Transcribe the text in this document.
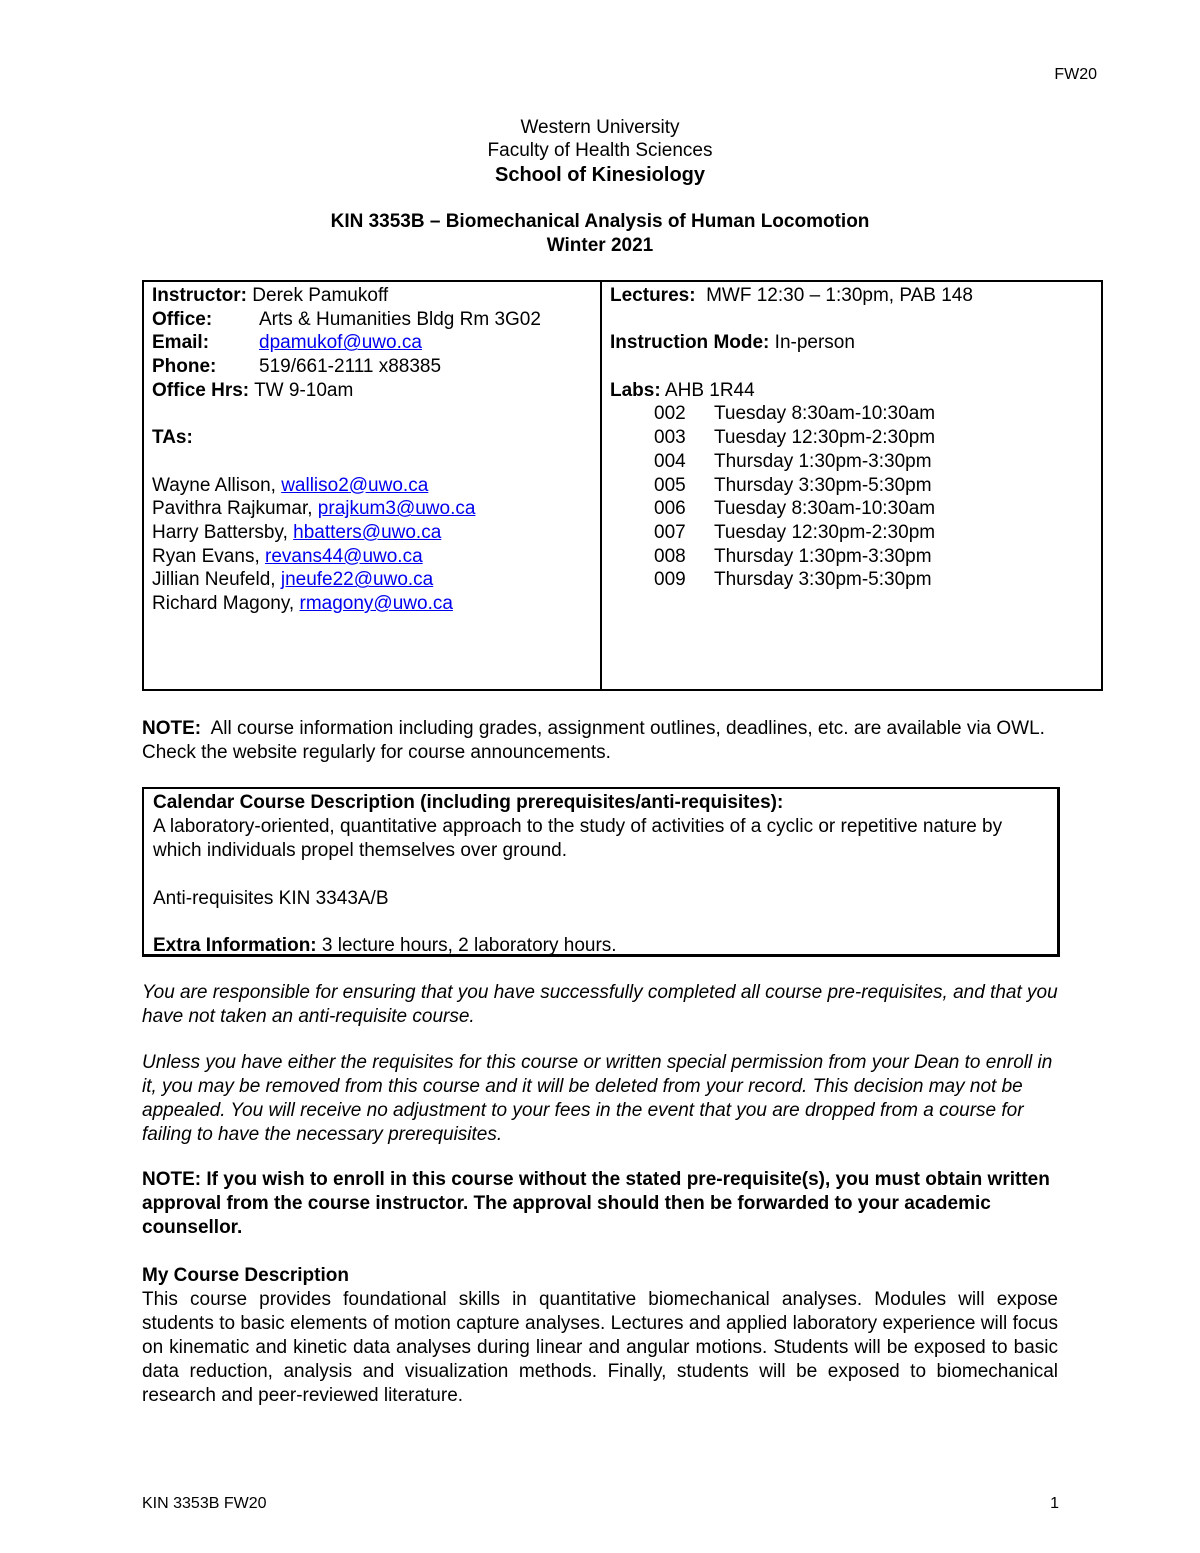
FW20
Western University
Faculty of Health Sciences
School of Kinesiology
KIN 3353B – Biomechanical Analysis of Human Locomotion
Winter 2021
Instructor: Derek Pamukoff
Office: Arts & Humanities Bldg Rm 3G02
Email:	dpamukof@uwo.ca
Phone: 519/661-2111 x88385
Office Hrs: TW 9-10am
TAs:
Wayne Allison, walliso2@uwo.ca
Pavithra Rajkumar, prajkum3@uwo.ca
Harry Battersby, hbatters@uwo.ca
Ryan Evans, revans44@uwo.ca
Jillian Neufeld, jneufe22@uwo.ca
Richard Magony, rmagony@uwo.ca
Lectures: MWF 12:30 – 1:30pm, PAB 148
Instruction Mode: In-person
Labs: AHB 1R44
002	Tuesday 8:30am-10:30am
003	Tuesday 12:30pm-2:30pm
004	Thursday 1:30pm-3:30pm
005	Thursday 3:30pm-5:30pm
006	Tuesday 8:30am-10:30am
007	Tuesday 12:30pm-2:30pm
008	Thursday 1:30pm-3:30pm
009	Thursday 3:30pm-5:30pm
NOTE: All course information including grades, assignment outlines, deadlines, etc. are available via OWL. Check the website regularly for course announcements.
Calendar Course Description (including prerequisites/anti-requisites):
A laboratory-oriented, quantitative approach to the study of activities of a cyclic or repetitive nature by which individuals propel themselves over ground.
Anti-requisites KIN 3343A/B
Extra Information: 3 lecture hours, 2 laboratory hours.
You are responsible for ensuring that you have successfully completed all course pre-requisites, and that you have not taken an anti-requisite course.
Unless you have either the requisites for this course or written special permission from your Dean to enroll in it, you may be removed from this course and it will be deleted from your record. This decision may not be appealed. You will receive no adjustment to your fees in the event that you are dropped from a course for failing to have the necessary prerequisites.
NOTE: If you wish to enroll in this course without the stated pre-requisite(s), you must obtain written approval from the course instructor. The approval should then be forwarded to your academic counsellor.
My Course Description
This course provides foundational skills in quantitative biomechanical analyses. Modules will expose students to basic elements of motion capture analyses. Lectures and applied laboratory experience will focus on kinematic and kinetic data analyses during linear and angular motions. Students will be exposed to basic data reduction, analysis and visualization methods. Finally, students will be exposed to biomechanical research and peer-reviewed literature.
KIN 3353B FW20	1
